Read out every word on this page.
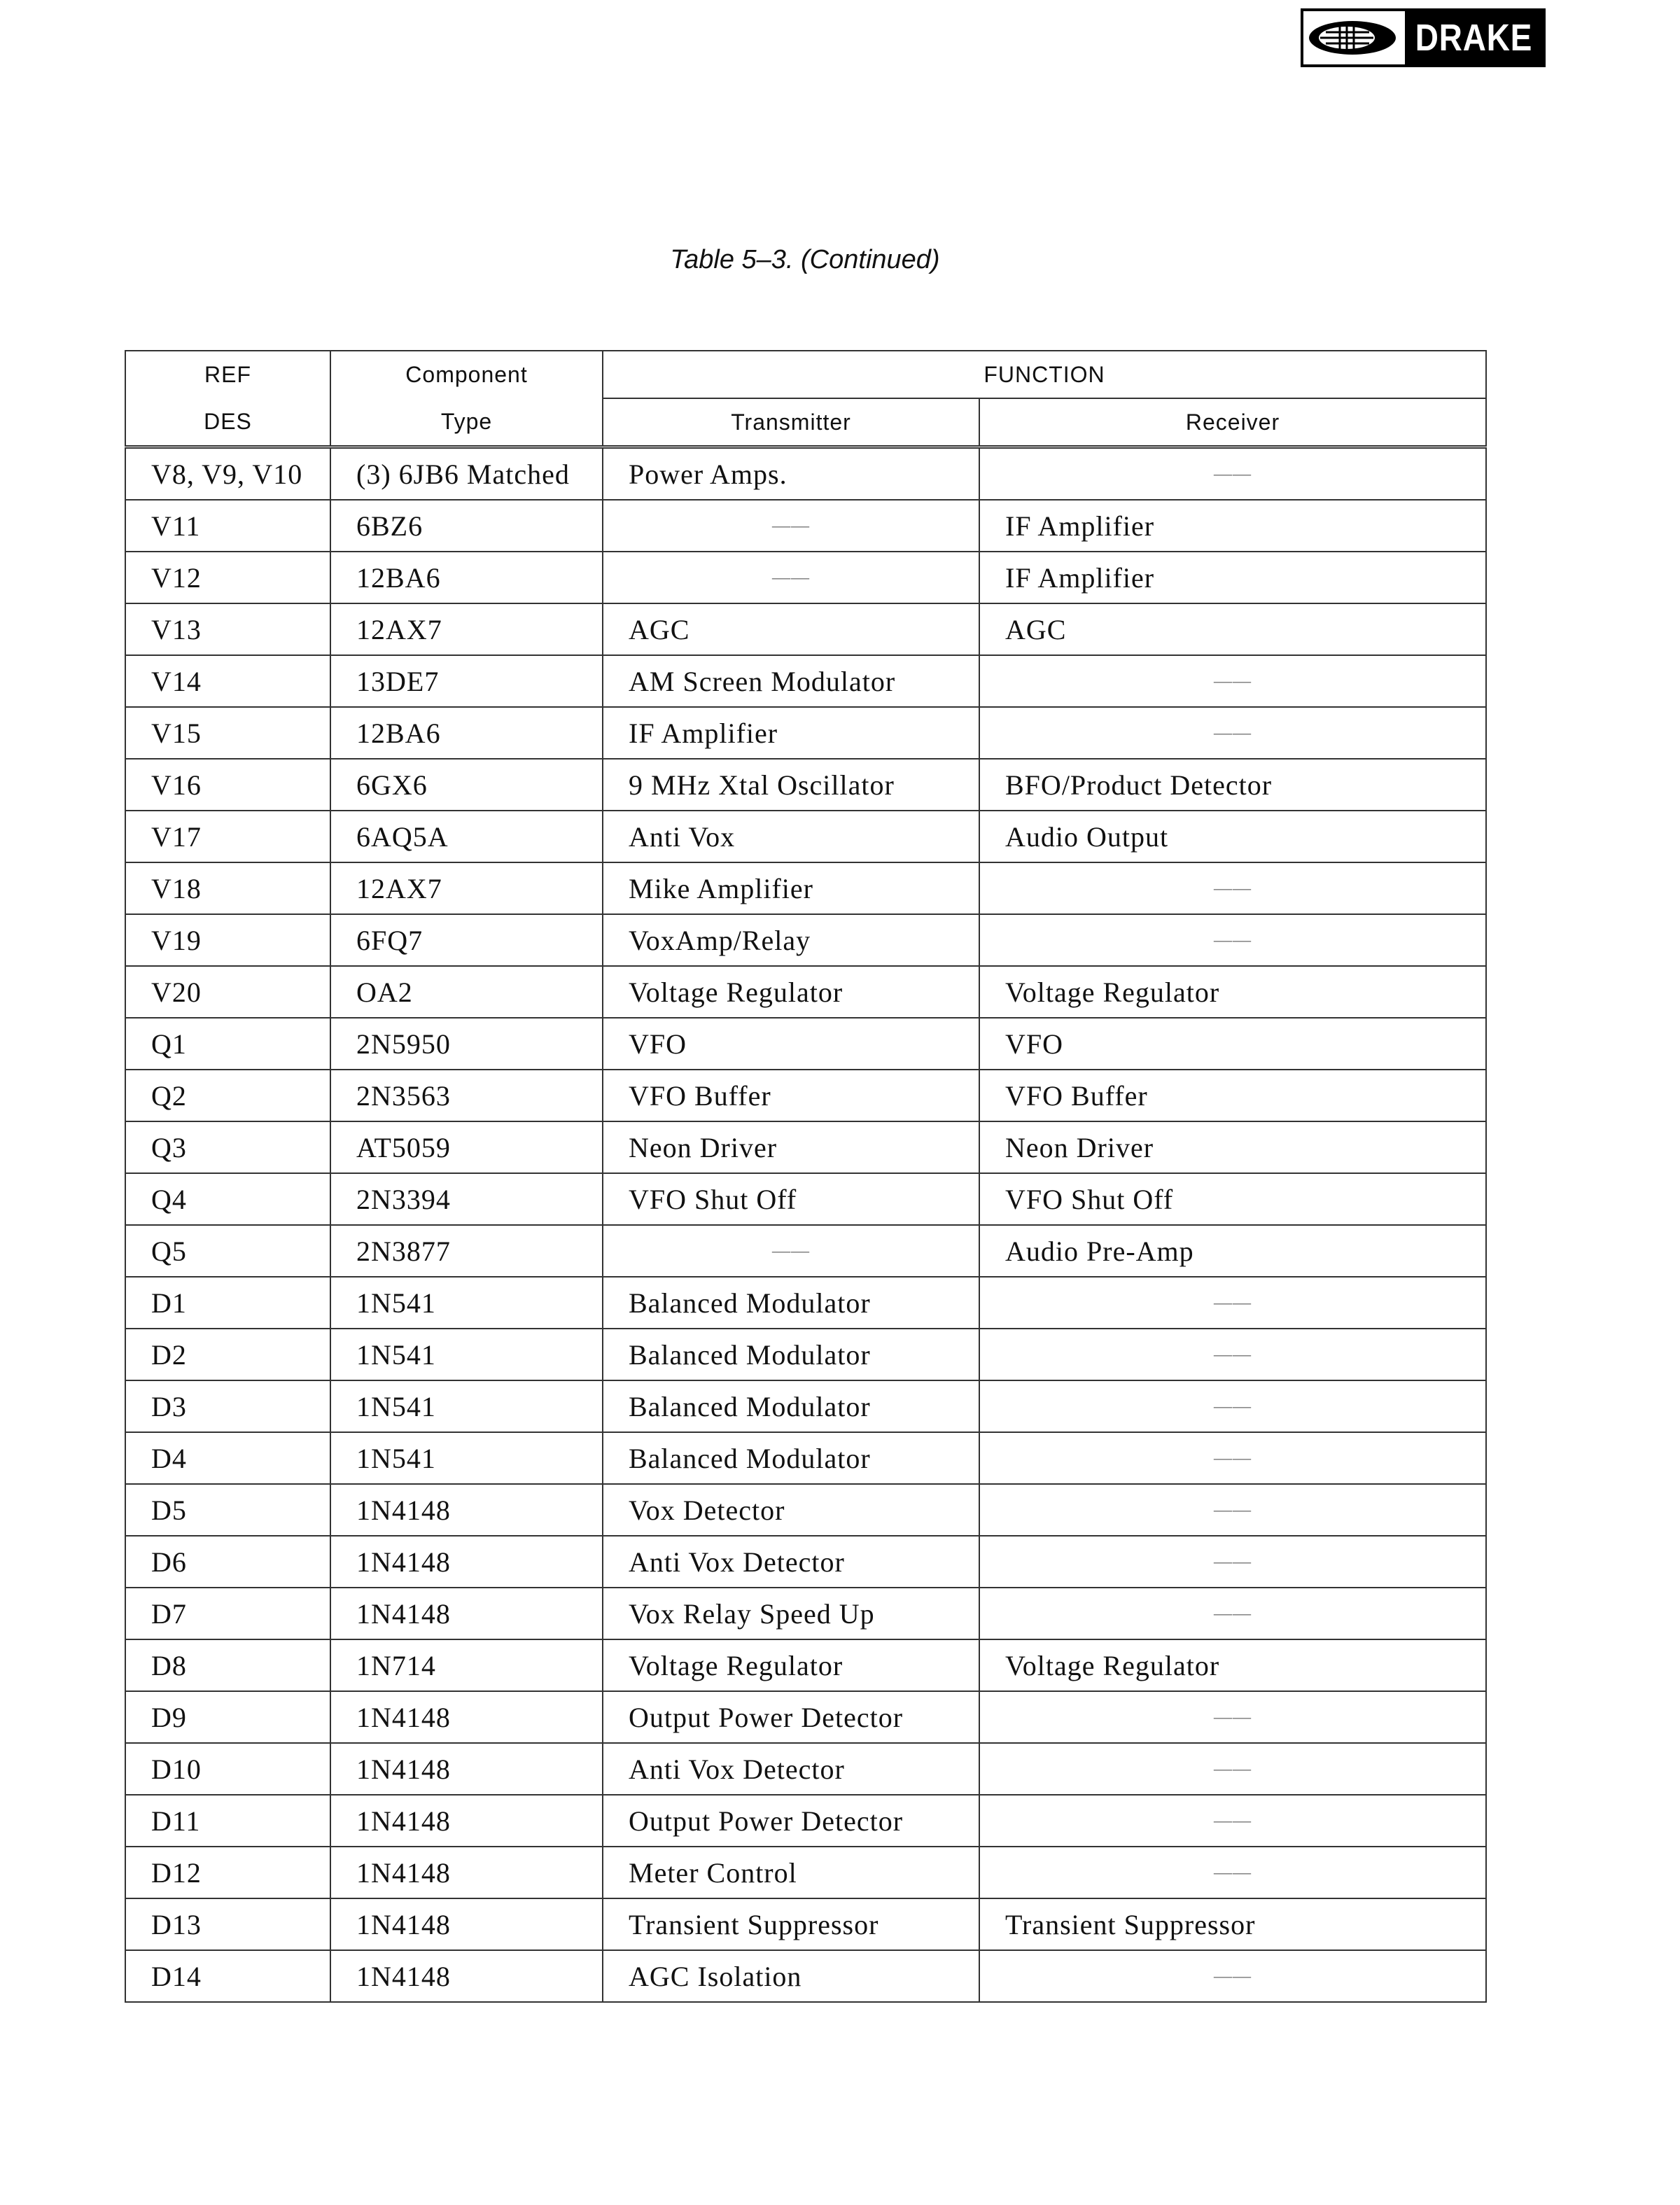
DRAKE
Table 5–3. (Continued)
REF	Component	FUNCTION	
DES	Type	Transmitter	Receiver
V8, V9, V10	(3) 6JB6 Matched	Power Amps.	——
V11	6BZ6	——	IF Amplifier
V12	12BA6	——	IF Amplifier
V13	12AX7	AGC	AGC
V14	13DE7	AM Screen Modulator	——
V15	12BA6	IF Amplifier	——
V16	6GX6	9 MHz Xtal Oscillator	BFO/Product Detector
V17	6AQ5A	Anti Vox	Audio Output
V18	12AX7	Mike Amplifier	——
V19	6FQ7	VoxAmp/Relay	——
V20	OA2	Voltage Regulator	Voltage Regulator
Q1	2N5950	VFO	VFO
Q2	2N3563	VFO Buffer	VFO Buffer
Q3	AT5059	Neon Driver	Neon Driver
Q4	2N3394	VFO Shut Off	VFO Shut Off
Q5	2N3877	——	Audio Pre-Amp
D1	1N541	Balanced Modulator	——
D2	1N541	Balanced Modulator	——
D3	1N541	Balanced Modulator	——
D4	1N541	Balanced Modulator	——
D5	1N4148	Vox Detector	——
D6	1N4148	Anti Vox Detector	——
D7	1N4148	Vox Relay Speed Up	——
D8	1N714	Voltage Regulator	Voltage Regulator
D9	1N4148	Output Power Detector	——
D10	1N4148	Anti Vox Detector	——
D11	1N4148	Output Power Detector	——
D12	1N4148	Meter Control	——
D13	1N4148	Transient Suppressor	Transient Suppressor
D14	1N4148	AGC Isolation	——
